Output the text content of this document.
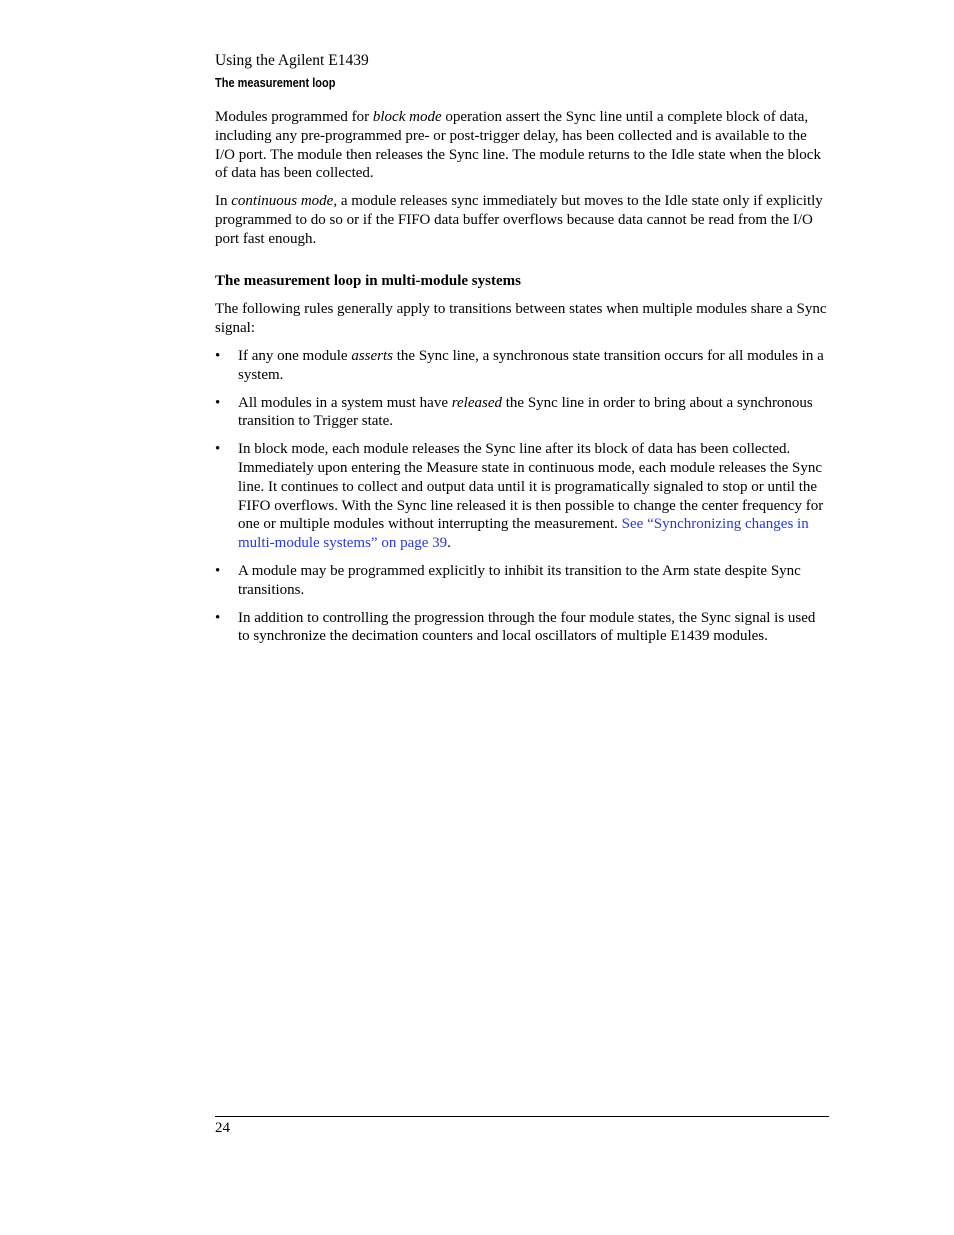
Using the Agilent E1439
The measurement loop

Modules programmed for block mode operation assert the Sync line until a complete block of data, including any pre-programmed pre- or post-trigger delay, has been collected and is available to the I/O port. The module then releases the Sync line. The module returns to the Idle state when the block of data has been collected.

In continuous mode, a module releases sync immediately but moves to the Idle state only if explicitly programmed to do so or if the FIFO data buffer overflows because data cannot be read from the I/O port fast enough.

The measurement loop in multi-module systems

The following rules generally apply to transitions between states when multiple modules share a Sync signal:

• If any one module asserts the Sync line, a synchronous state transition occurs for all modules in a system.
• All modules in a system must have released the Sync line in order to bring about a synchronous transition to Trigger state.
• In block mode, each module releases the Sync line after its block of data has been collected. Immediately upon entering the Measure state in continuous mode, each module releases the Sync line. It continues to collect and output data until it is programatically signaled to stop or until the FIFO overflows. With the Sync line released it is then possible to change the center frequency for one or multiple modules without interrupting the measurement. See “Synchronizing changes in multi-module systems” on page 39.
• A module may be programmed explicitly to inhibit its transition to the Arm state despite Sync transitions.
• In addition to controlling the progression through the four module states, the Sync signal is used to synchronize the decimation counters and local oscillators of multiple E1439 modules.
24
